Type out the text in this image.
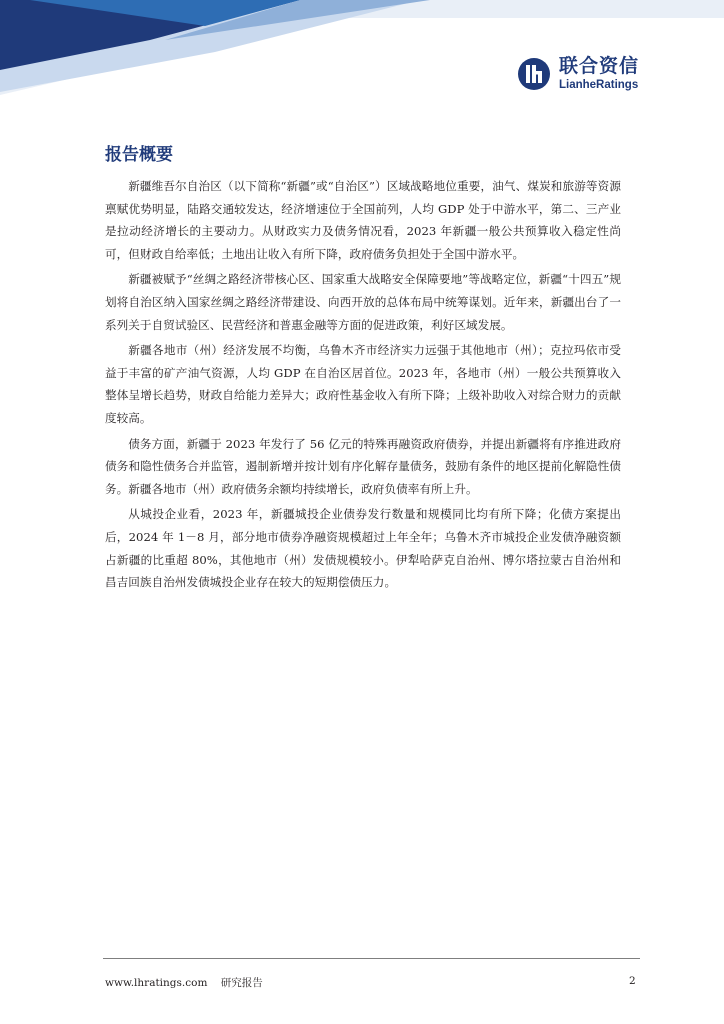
联合资信
LianheRatings
报告概要

新疆维吾尔自治区（以下简称“新疆”或“自治区”）区域战略地位重要，油气、煤炭和旅游等资源禀赋优势明显，陆路交通较发达，经济增速位于全国前列，人均 GDP 处于中游水平，第二、三产业是拉动经济增长的主要动力。从财政实力及债务情况看，2023 年新疆一般公共预算收入稳定性尚可，但财政自给率低；土地出让收入有所下降，政府债务负担处于全国中游水平。

新疆被赋予“丝绸之路经济带核心区、国家重大战略安全保障要地”等战略定位，新疆“十四五”规划将自治区纳入国家丝绸之路经济带建设、向西开放的总体布局中统筹谋划。近年来，新疆出台了一系列关于自贸试验区、民营经济和普惠金融等方面的促进政策，利好区域发展。

新疆各地市（州）经济发展不均衡，乌鲁木齐市经济实力远强于其他地市（州）；克拉玛依市受益于丰富的矿产油气资源，人均 GDP 在自治区居首位。2023 年，各地市（州）一般公共预算收入整体呈增长趋势，财政自给能力差异大；政府性基金收入有所下降；上级补助收入对综合财力的贡献度较高。

债务方面，新疆于 2023 年发行了 56 亿元的特殊再融资政府债券，并提出新疆将有序推进政府债务和隐性债务合并监管，遏制新增并按计划有序化解存量债务，鼓励有条件的地区提前化解隐性债务。新疆各地市（州）政府债务余额均持续增长，政府负债率有所上升。

从城投企业看，2023 年，新疆城投企业债券发行数量和规模同比均有所下降；化债方案提出后，2024 年 1－8 月，部分地市债券净融资规模超过上年全年；乌鲁木齐市城投企业发债净融资额占新疆的比重超 80%，其他地市（州）发债规模较小。伊犁哈萨克自治州、博尔塔拉蒙古自治州和昌吉回族自治州发债城投企业存在较大的短期偿债压力。

www.lhratings.com 研究报告	2
